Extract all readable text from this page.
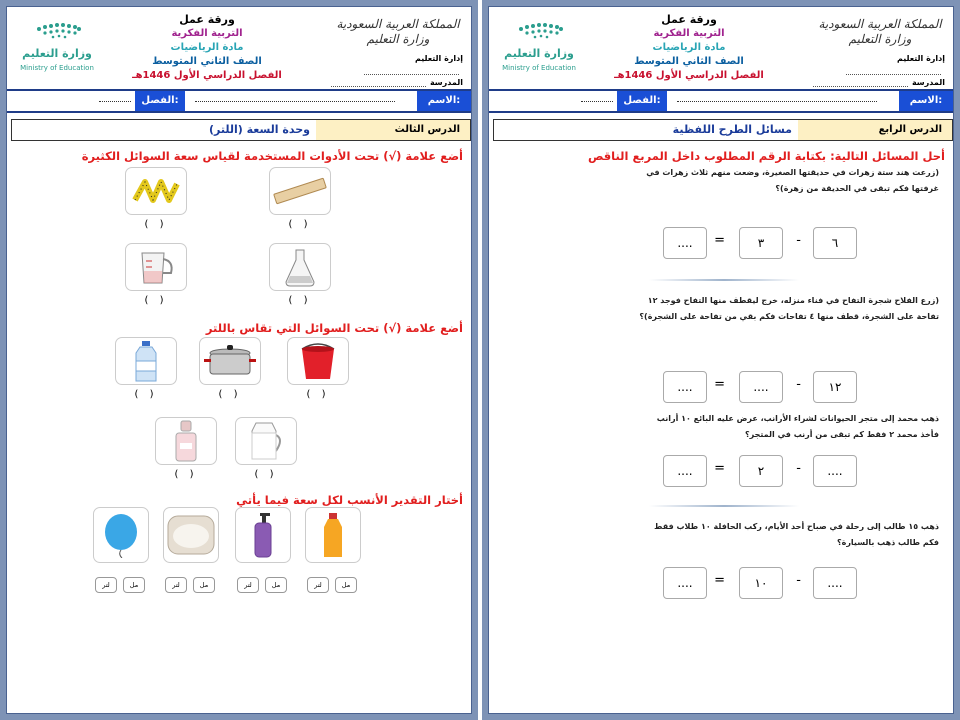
وزارة التعليم
Ministry of Education
ورقة عمل
التربية الفكرية
مادة الرياضيات
الصف الثاني المتوسط
الفصل الدراسي الأول 1446هـ
المملكة العربية السعودية
وزارة التعليم
إدارة التعليم
المدرسة
الاسم:
الفصل:
الدرس الثالث
وحدة السعة (اللتر)
أضع علامة (√) تحت الأدوات المستخدمة لقياس سعة السوائل الكثيرة
( )	( )
( )	( )
أضع علامة (√) تحت السوائل التي تقاس باللتر
( )	( )	( )
( )	( )
أختار التقدير الأنسب لكل سعة فيما يأتي
لتر	مل	لتر	مل	لتر	مل	لتر	مل
وزارة التعليم
Ministry of Education
ورقة عمل
التربية الفكرية
مادة الرياضيات
الصف الثاني المتوسط
الفصل الدراسي الأول 1446هـ
المملكة العربية السعودية
وزارة التعليم
إدارة التعليم
المدرسة
الاسم:
الفصل:
الدرس الرابع
مسائل الطرح اللفظية
أحل المسائل التالية: بكتابة الرقم المطلوب داخل المربع الناقص
(زرعت هند ستة زهرات في حديقتها الصغيرة، وضعت منهم ثلاث زهرات في غرفتها فكم تبقى في الحديقة من زهرة)؟
٦
-
٣
=
....
(زرع الفلاح شجرة التفاح في فناء منزله، خرج ليقطف منها التفاح فوجد ١٢ تفاحة على الشجرة، قطف منها ٤ تفاحات فكم بقي من تفاحة على الشجرة)؟
١٢
-
....
=
....
ذهب محمد إلى متجر الحيوانات لشراء الأرانب، عرض عليه البائع ١٠ أرانب فأخذ محمد ٢ فقط كم تبقى من أرنب في المتجر؟
....
-
٢
=
....
ذهب ١٥ طالب إلى رحلة في صباح أحد الأيام، ركب الحافلة ١٠ طلاب فقط فكم طالب ذهب بالسيارة؟
....
-
١٠
=
....
